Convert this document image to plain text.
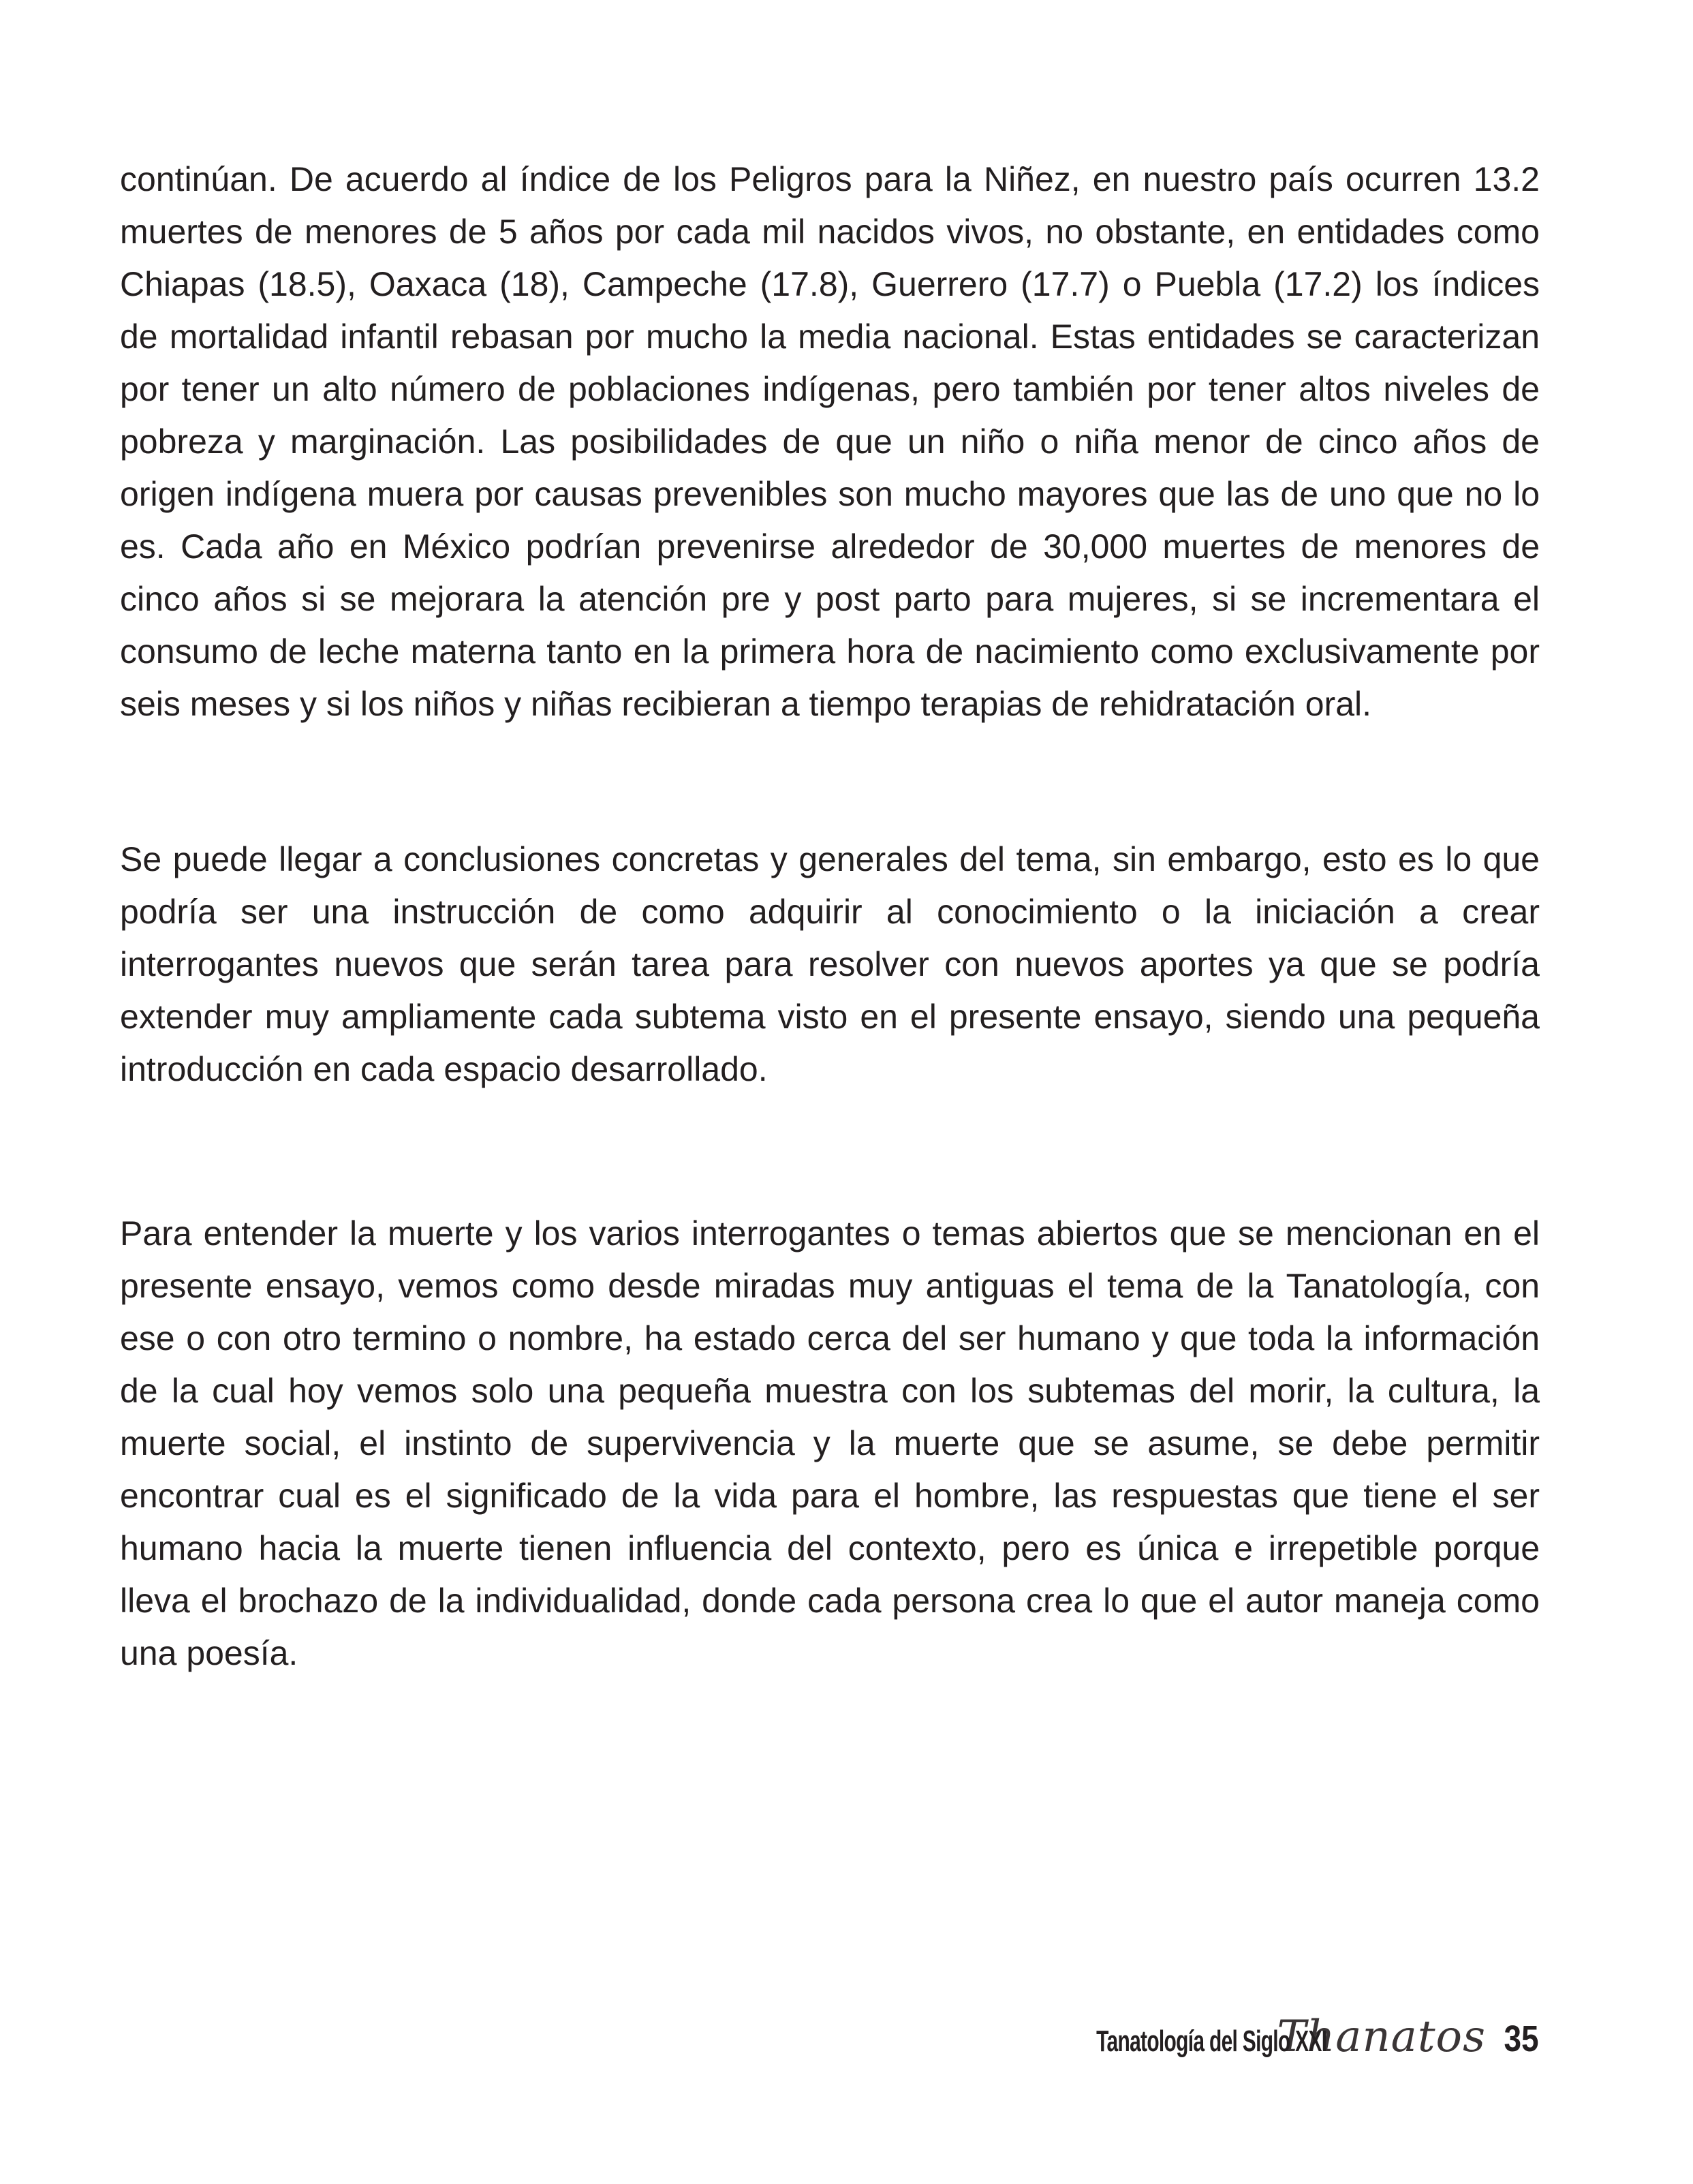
continúan. De acuerdo al índice de los Peligros para la Niñez, en nuestro país ocurren 13.2 muertes de menores de 5 años por cada mil nacidos vivos, no obstante, en entidades como Chiapas (18.5), Oaxaca (18), Campeche (17.8), Guerrero (17.7) o Puebla (17.2) los índices de mortalidad infantil rebasan por mucho la media nacional. Estas entidades se caracterizan por tener un alto número de poblaciones indígenas, pero también por tener altos niveles de pobreza y marginación. Las posibilidades de que un niño o niña menor de cinco años de origen indígena muera por causas prevenibles son mucho mayores que las de uno que no lo es. Cada año en México podrían prevenirse alrededor de 30,000 muertes de menores de cinco años si se mejorara la atención pre y post parto para mujeres, si se incrementara el consumo de leche materna tanto en la primera hora de nacimiento como exclusivamente por seis meses y si los niños y niñas recibieran a tiempo terapias de rehidratación oral.

Se puede llegar a conclusiones concretas y generales del tema, sin embargo, esto es lo que podría ser una instrucción de como adquirir al conocimiento o la iniciación a crear interrogantes nuevos que serán tarea para resolver con nuevos aportes ya que se podría extender muy ampliamente cada subtema visto en el presente ensayo, siendo una pequeña introducción en cada espacio desarrollado.

Para entender la muerte y los varios interrogantes o temas abiertos que se mencionan en el presente ensayo, vemos como desde miradas muy antiguas el tema de la Tanatología, con ese o con otro termino o nombre, ha estado cerca del ser humano y que toda la información de la cual hoy vemos solo una pequeña muestra con los subtemas del morir, la cultura, la muerte social, el instinto de supervivencia y la muerte que se asume, se debe permitir encontrar cual es el significado de la vida para el hombre, las respuestas que tiene el ser humano hacia la muerte tienen influencia del contexto, pero es única e irrepetible porque lleva el brochazo de la individualidad, donde cada persona crea lo que el autor maneja como una poesía.

Tanatología del Siglo XXI
Thanatos 35
